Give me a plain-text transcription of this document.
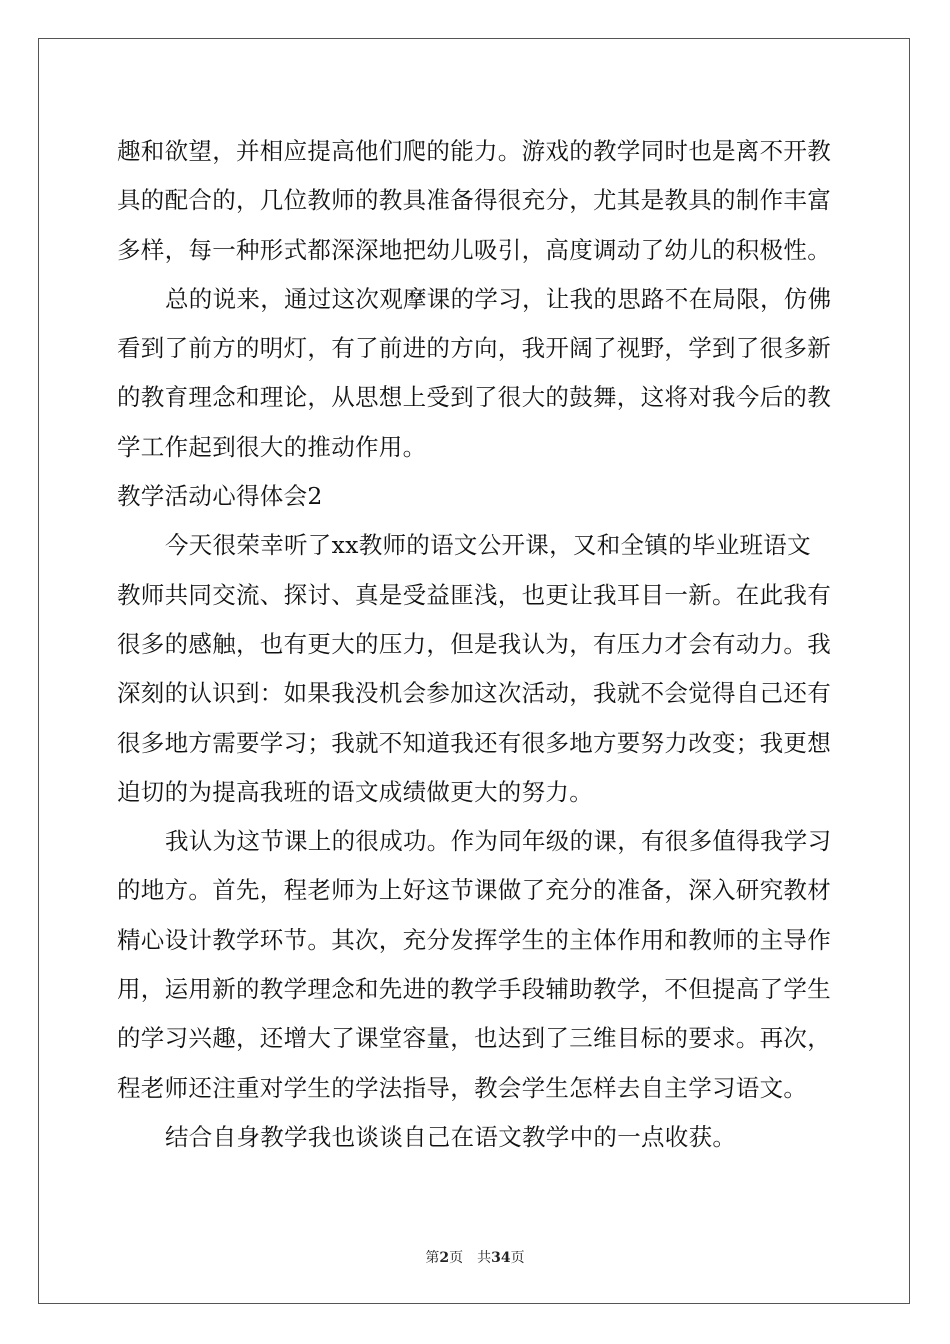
趣和欲望，并相应提高他们爬的能力。游戏的教学同时也是离不开教
具的配合的，几位教师的教具准备得很充分，尤其是教具的制作丰富
多样，每一种形式都深深地把幼儿吸引，高度调动了幼儿的积极性。
总的说来，通过这次观摩课的学习，让我的思路不在局限，仿佛
看到了前方的明灯，有了前进的方向，我开阔了视野，学到了很多新
的教育理念和理论，从思想上受到了很大的鼓舞，这将对我今后的教
学工作起到很大的推动作用。
教学活动心得体会2
今天很荣幸听了xx教师的语文公开课，又和全镇的毕业班语文
教师共同交流、探讨、真是受益匪浅，也更让我耳目一新。在此我有
很多的感触，也有更大的压力，但是我认为，有压力才会有动力。我
深刻的认识到：如果我没机会参加这次活动，我就不会觉得自己还有
很多地方需要学习；我就不知道我还有很多地方要努力改变；我更想
迫切的为提高我班的语文成绩做更大的努力。
我认为这节课上的很成功。作为同年级的课，有很多值得我学习
的地方。首先，程老师为上好这节课做了充分的准备，深入研究教材
精心设计教学环节。其次，充分发挥学生的主体作用和教师的主导作
用，运用新的教学理念和先进的教学手段辅助教学，不但提高了学生
的学习兴趣，还增大了课堂容量，也达到了三维目标的要求。再次，
程老师还注重对学生的学法指导，教会学生怎样去自主学习语文。
结合自身教学我也谈谈自己在语文教学中的一点收获。
第2页 共34页
